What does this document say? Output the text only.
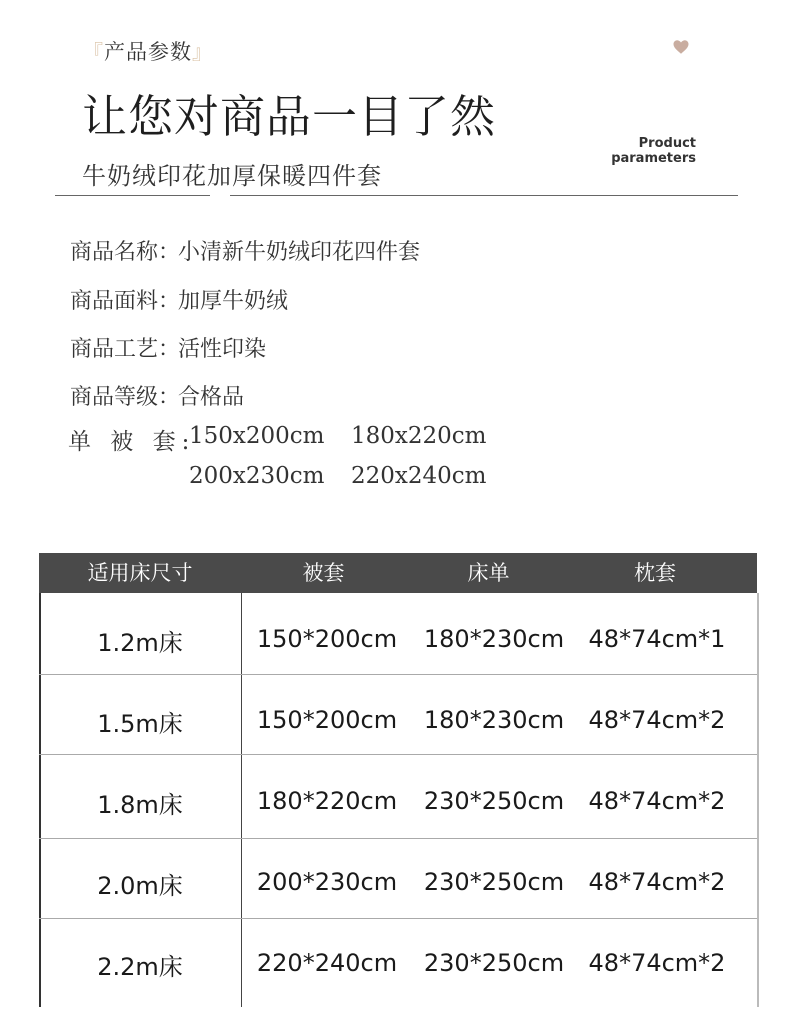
『产品参数』
让您对商品一目了然
Product
parameters
牛奶绒印花加厚保暖四件套
商品名称：小清新牛奶绒印花四件套
商品面料：加厚牛奶绒
商品工艺：活性印染
商品等级：合格品
单 被 套:
150x200cm 180x220cm
200x230cm 220x240cm
适用床尺寸	被套	床单	枕套
1.2m床	150*200cm	180*230cm	48*74cm*1
1.5m床	150*200cm	180*230cm	48*74cm*2
1.8m床	180*220cm	230*250cm	48*74cm*2
2.0m床	200*230cm	230*250cm	48*74cm*2
2.2m床	220*240cm	230*250cm	48*74cm*2
